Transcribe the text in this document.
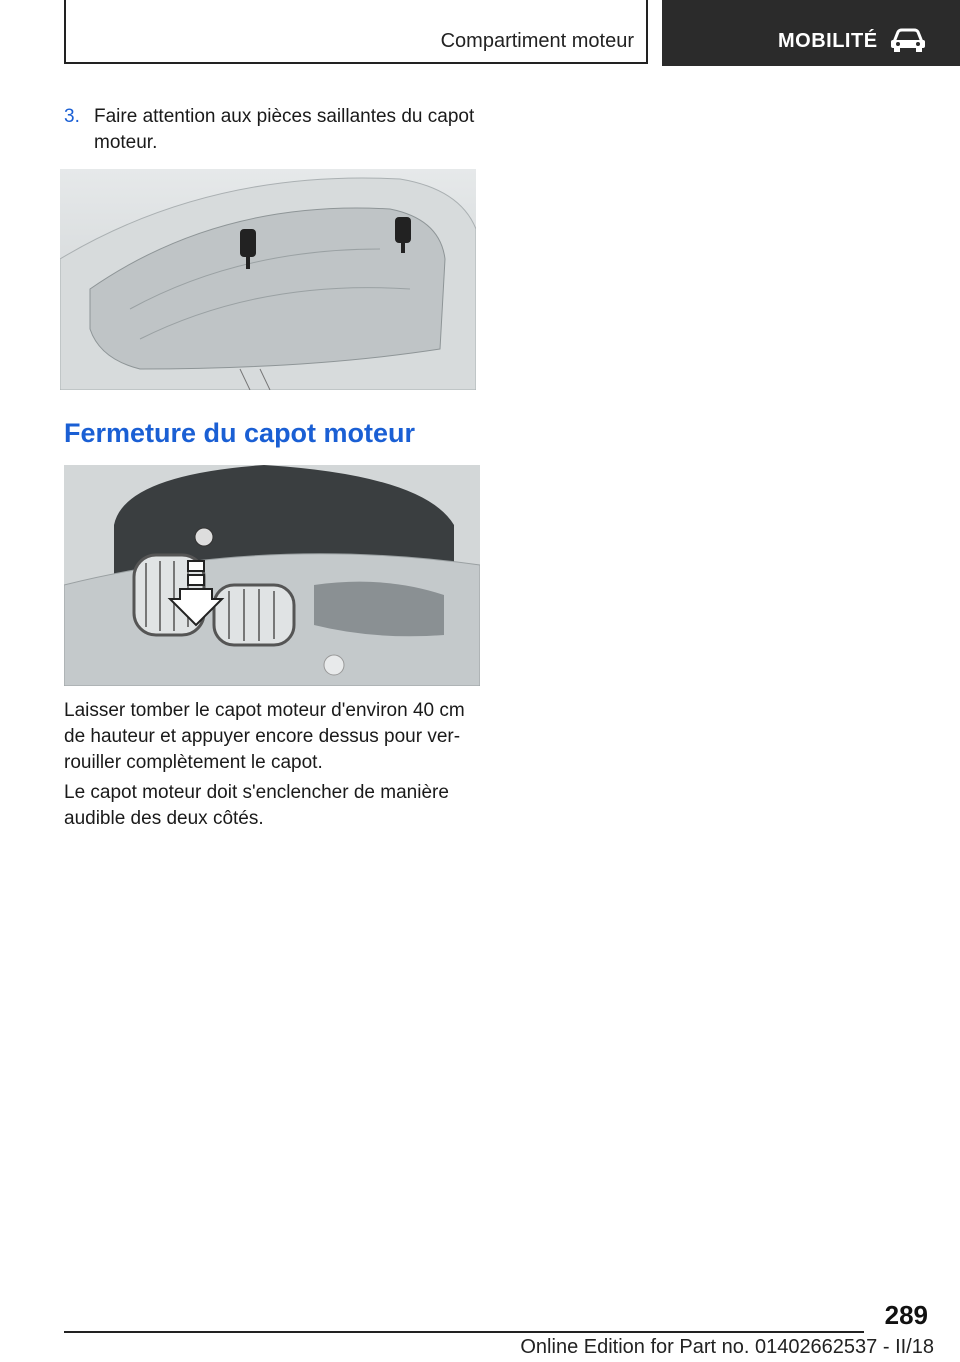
Compartiment moteur	MOBILITÉ
3. Faire attention aux pièces saillantes du capot moteur.
Fermeture du capot moteur

Laisser tomber le capot moteur d'environ 40 cm de hauteur et appuyer encore dessus pour ver-rouiller complètement le capot.

Le capot moteur doit s'enclencher de manière audible des deux côtés.

289
Online Edition for Part no. 01402662537 - II/18
